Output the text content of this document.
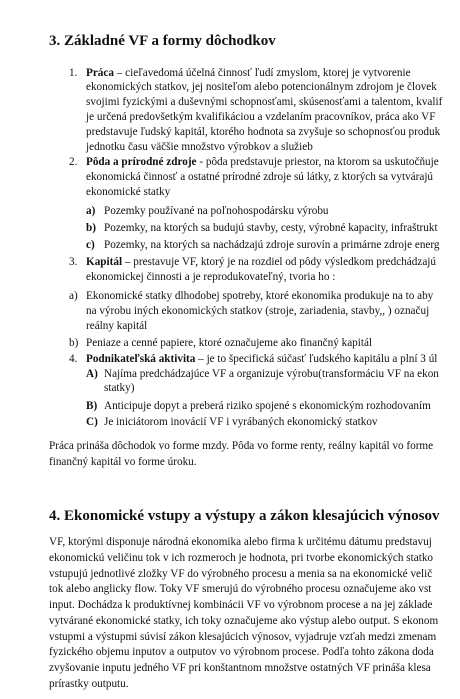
3. Základné VF a formy dôchodkov
1. Práca – cieľavedomá účelná činnosť ľudí zmyslom, ktorej je vytvorenie
ekonomických statkov, jej nositeľom alebo potencionálnym zdrojom je človek
svojimi fyzickými a duševnými schopnosťami, skúsenosťami a talentom, kvalif
je určená predovšetkým kvalifikáciou a vzdelaním pracovníkov, práca ako VF
predstavuje ľudský kapitál, ktorého hodnota sa zvyšuje so schopnosťou produk
jednotku času väčšie množstvo výrobkov a služieb
2. Pôda a prírodné zdroje - pôda predstavuje priestor, na ktorom sa uskutočňuje
ekonomická činnosť a ostatné prírodné zdroje sú látky, z ktorých sa vytvárajú
ekonomické statky
a) Pozemky používané na poľnohospodársku výrobu
b) Pozemky, na ktorých sa budujú stavby, cesty, výrobné kapacity, infraštrukt
c) Pozemky, na ktorých sa nachádzajú zdroje surovín a primárne zdroje energ
3. Kapitál – prestavuje VF, ktorý je na rozdiel od pôdy výsledkom predchádzajú
ekonomickej činnosti a je reprodukovateľný, tvoria ho :
a) Ekonomické statky dlhodobej spotreby, ktoré ekonomika produkuje na to aby
na výrobu iných ekonomických statkov (stroje, zariadenia, stavby,, ) označuj
reálny kapitál
b) Peniaze a cenné papiere, ktoré označujeme ako finančný kapitál
4. Podnikateľská aktivita – je to špecifická súčasť ľudského kapitálu a plní 3 úl
A) Najíma predchádzajúce VF a organizuje výrobu(transformáciu VF na ekon
statky)
B) Anticipuje dopyt a preberá riziko spojené s ekonomickým rozhodovaním
C) Je iniciátorom inovácií VF i vyrábaných ekonomický statkov
Práca prináša dôchodok vo forme mzdy. Pôda vo forme renty, reálny kapitál vo forme
finančný kapitál vo forme úroku.
4. Ekonomické vstupy a výstupy a zákon klesajúcich výnosov
VF, ktorými disponuje národná ekonomika alebo firma k určitému dátumu predstavuj
ekonomickú veličinu tok v ich rozmeroch je hodnota, pri tvorbe ekonomických statko
vstupujú jednotlivé zložky VF do výrobného procesu a menia sa na ekonomické velič
tok alebo anglicky flow. Toky VF smerujú do výrobného procesu označujeme ako vst
input. Dochádza k produktívnej kombinácii VF vo výrobnom procese a na jej základe
vytvárané ekonomické statky, ich toky označujeme ako výstup alebo output. S ekonom
vstupmi a výstupmi súvisí zákon klesajúcich výnosov, vyjadruje vzťah medzi zmenam
fyzického objemu inputov a outputov vo výrobnom procese. Podľa tohto zákona doda
zvyšovanie inputu jedného VF pri konštantnom množstve ostatných VF prináša klesa
prírastky outputu.
